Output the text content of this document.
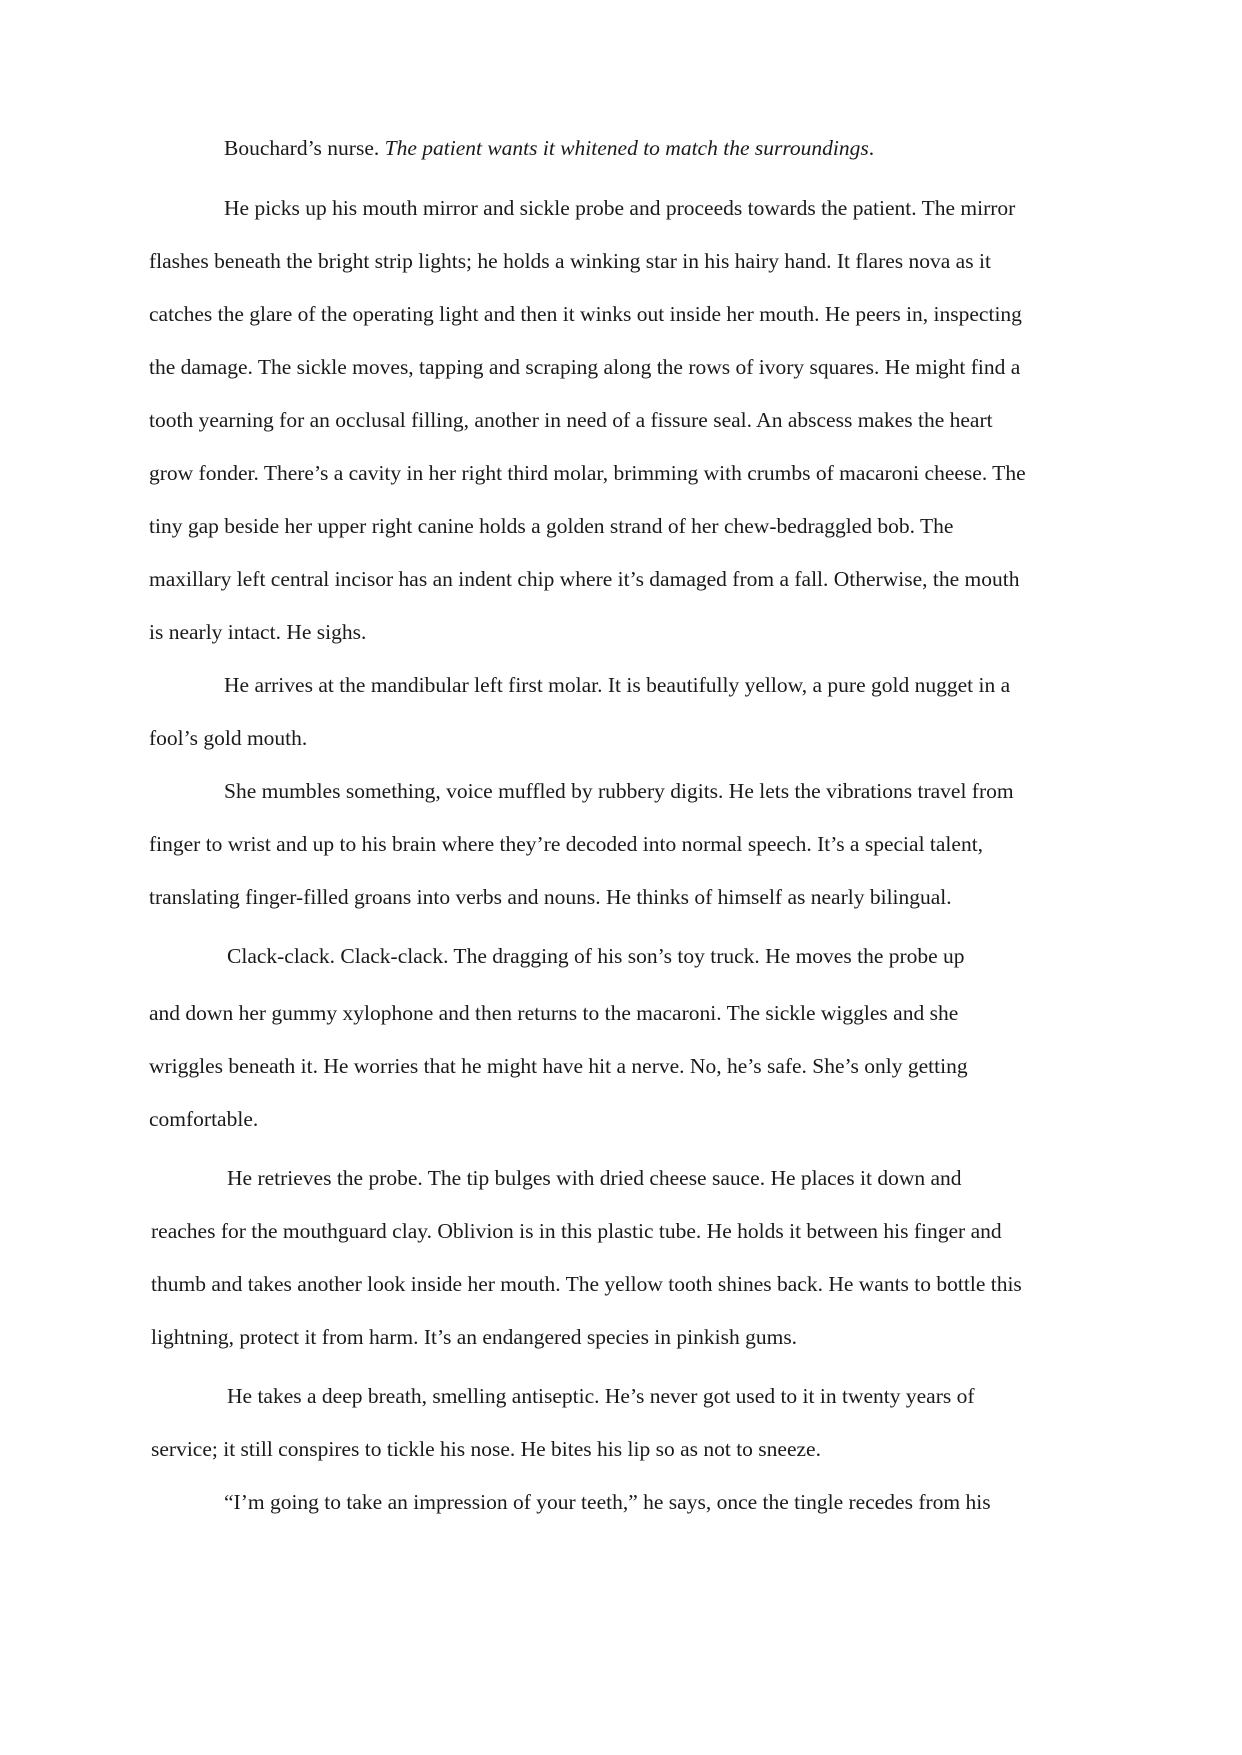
Bouchard’s nurse. The patient wants it whitened to match the surroundings.
He picks up his mouth mirror and sickle probe and proceeds towards the patient. The mirror
flashes beneath the bright strip lights; he holds a winking star in his hairy hand. It flares nova as it
catches the glare of the operating light and then it winks out inside her mouth. He peers in, inspecting
the damage. The sickle moves, tapping and scraping along the rows of ivory squares. He might find a
tooth yearning for an occlusal filling, another in need of a fissure seal. An abscess makes the heart
grow fonder. There’s a cavity in her right third molar, brimming with crumbs of macaroni cheese. The
tiny gap beside her upper right canine holds a golden strand of her chew-bedraggled bob. The
maxillary left central incisor has an indent chip where it’s damaged from a fall. Otherwise, the mouth
is nearly intact. He sighs.
He arrives at the mandibular left first molar. It is beautifully yellow, a pure gold nugget in a
fool’s gold mouth.
She mumbles something, voice muffled by rubbery digits. He lets the vibrations travel from
finger to wrist and up to his brain where they’re decoded into normal speech. It’s a special talent,
translating finger-filled groans into verbs and nouns. He thinks of himself as nearly bilingual.
Clack-clack. Clack-clack. The dragging of his son’s toy truck. He moves the probe up
and down her gummy xylophone and then returns to the macaroni. The sickle wiggles and she
wriggles beneath it. He worries that he might have hit a nerve. No, he’s safe. She’s only getting
comfortable.
He retrieves the probe. The tip bulges with dried cheese sauce. He places it down and
reaches for the mouthguard clay. Oblivion is in this plastic tube. He holds it between his finger and
thumb and takes another look inside her mouth. The yellow tooth shines back. He wants to bottle this
lightning, protect it from harm. It’s an endangered species in pinkish gums.
He takes a deep breath, smelling antiseptic. He’s never got used to it in twenty years of
service; it still conspires to tickle his nose. He bites his lip so as not to sneeze.
“I’m going to take an impression of your teeth,” he says, once the tingle recedes from his
